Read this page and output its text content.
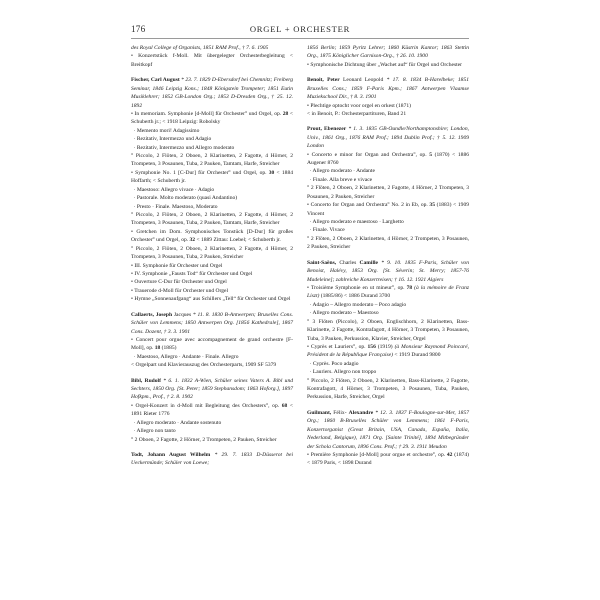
176	ORGEL + ORCHESTER

des Royal College of Organists, 1851 RAM Prof., † 7. 6. 1905

• Konzertstück f-Moll. Mit übergelegter Orchesterbegleitung < Breitkopf

Fischer, Carl August * 23. 7. 1829 D-Ebersdorf bei Chemnitz; Freiberg Seminar, 1846 Leipzig Kons.; 1848 Königstein Trompeter; 1851 Eutin Musiklehrer; 1852 GB-London Org.; 1853 D-Dresden Org., † 25. 12. 1892

• In memoriam. Symphonie [d-Moll] für Orchester° und Orgel, op. 28 < Schuberth jr.; < 1918 Leipzig: Robolsky

· Memento mori! Adagissimo

· Rezitativ, Intermezzo und Adagio

· Rezitativ, Intermezzo und Allegro moderato

° Piccolo, 2 Flöten, 2 Oboen, 2 Klarinetten, 2 Fagotte, 4 Hörner, 2 Trompeten, 3 Posaunen, Tuba, 2 Pauken, Tamtam, Harfe, Streicher

• Symphonie No. 1 [C-Dur] für Orchester° und Orgel, op. 30 < 1884 Hoffarth; < Schuberth jr.

· Maestoso: Allegro vivace · Adagio

· Pastorale. Molto moderato (quasi Andantino)

· Presto · Finale. Maestoso, Moderato

° Piccolo, 2 Flöten, 2 Oboen, 2 Klarinetten, 2 Fagotte, 4 Hörner, 2 Trompeten, 3 Posaunen, Tuba, 2 Pauken, Tamtam, Harfe, Streicher

• Gretchen im Dom. Symphonisches Tonstück [D-Dur] für großes Orchester° und Orgel, op. 32 < 1889 Zittau: Loebel; < Schuberth jr.

° Piccolo, 2 Flöten, 2 Oboen, 2 Klarinetten, 2 Fagotte, 4 Hörner, 2 Trompeten, 3 Posaunen, Tuba, 2 Pauken, Streicher

• III. Symphonie für Orchester und Orgel

• IV. Symphonie „Fausts Tod“ für Orchester und Orgel

• Ouverture C-Dur für Orchester und Orgel

• Trauerode d-Moll für Orchester und Orgel

• Hymne „Sonnenaufgang“ aus Schillers „Tell“ für Orchester und Orgel

Callaerts, Joseph Jacques * 11. 8. 1830 B-Antwerpen; Bruxelles Cons. Schüler von Lemmens; 1850 Antwerpen Org. [1856 Kathedrale], 1867 Cons. Dozent, † 3. 3. 1901

• Concert pour orgue avec accompagnement de grand orchestre [F-Moll], op. 18 (1885)

· Maestoso, Allegro · Andante · Finale. Allegro

< Orgelpart und Klavierauszug des Orchesterparts, 1909 SF 5379

Bibl, Rudolf * 6. 1. 1832 A-Wien, Schüler seines Vaters A. Bibl und Sechters, 1850 Org. [St. Peter; 1859 Stephansdom; 1863 Hoforg.], 1897 Hofkpm., Prof., † 2. 8. 1902

• Orgel-Konzert in d-Moll mit Begleitung des Orchesters°, op. 68 < 1891 Rieter 1776

· Allegro moderato · Andante sostenuto

· Allegro non tanto

° 2 Oboen, 2 Fagotte, 2 Hörner, 2 Trompeten, 2 Pauken, Streicher

Todt, Johann August Wilhelm * 29. 7. 1833 D-Düsserot bei Ueckermünde; Schüler von Loewe;

1856 Berlin; 1859 Pyritz Lehrer; 1860 Küstrin Kantor; 1863 Stettin Org., 1875 Königlicher Garnison-Org., † 26. 10. 1900

• Symphonische Dichtung über „Wachet auf“ für Orgel und Orchester

Benoit, Peter Leonard Leopold * 17. 8. 1834 B-Harelbeke; 1851 Bruxelles Cons.; 1859 F-Paris Kpm.; 1867 Antwerpen Vlaamse Muziekschool Dir., † 8. 3. 1901

• Plechtige optocht voor orgel en orkest (1871)

< in Benoit, P.: Orchesterpartituren, Band 21

Prout, Ebenezer * 1. 3. 1835 GB-Oundle/Northamptonshire; London, Univ., 1861 Org., 1876 RAM Prof.; 1894 Dublin Prof.; † 5. 12. 1909 London

• Concerto e minor for Organ and Orchestra°, op. 5 (1870) < 1886 Augener 8760

· Allegro moderato · Andante

· Finale. Alla breve e vivace

° 2 Flöten, 2 Oboen, 2 Klarinetten, 2 Fagotte, 4 Hörner, 2 Trompeten, 3 Posaunen, 2 Pauken, Streicher

• Concerto for Organ and Orchestra° No. 2 in Eb, op. 35 (1883) < 1909 Vincent

· Allegro moderato e maestoso · Larghetto

· Finale. Vivace

° 2 Flöten, 2 Oboen, 2 Klarinetten, 4 Hörner, 2 Trompeten, 3 Posaunen, 2 Pauken, Streicher

Saint-Saëns, Charles Camille * 9. 10. 1835 F-Paris, Schüler von Benoist, Halévy, 1853 Org. [St. Séverin; St. Merry; 1857-76 Madeleine]; zahlreiche Konzertreisen; † 16. 12. 1921 Algiers

• Troisième Symphonie en ut mineur°, op. 78 (à la mémoire de Franz Liszt) (1885/86) < 1886 Durand 3700

· Adagio – Allegro moderato – Poco adagio

· Allegro moderato – Maestoso

° 3 Flöten (Piccolo), 2 Oboen, Englischhorn, 2 Klarinetten, Bass-Klarinette, 2 Fagotte, Kontrafagott, 4 Hörner, 3 Trompeten, 3 Posaunen, Tuba, 3 Pauken, Perkussion, Klavier, Streicher, Orgel

• Cyprès et Lauriers°, op. 156 (1919) (à Monsieur Raymond Poincaré, Président de la République Française) < 1919 Durand 9800

· Cyprès. Poco adagio

· Lauriers. Allegro non troppo

° Piccolo, 2 Flöten, 2 Oboen, 2 Klarinetten, Bass-Klarinette, 2 Fagotte, Kontrafagott, 4 Hörner, 3 Trompeten, 3 Posaunen, Tuba, Pauken, Perkussion, Harfe, Streicher, Orgel

Guilmant, Félix- Alexandre * 12. 3. 1837 F-Boulogne-sur-Mer, 1857 Org.; 1860 B-Bruxelles Schüler von Lemmens; 1861 F-Paris, Konzertorganist (Great Britain, USA, Canada, España, Italia, Nederland, Belgique), 1871 Org. [Sainte Trinité], 1894 Mitbegründer der Schola Cantorum, 1896 Cons. Prof.; † 29. 3. 1911 Meudon

• Première Symphonie [d-Moll] pour orgue et orchestre°, op. 42 (1874) < 1879 Paris, < 1898 Durand
